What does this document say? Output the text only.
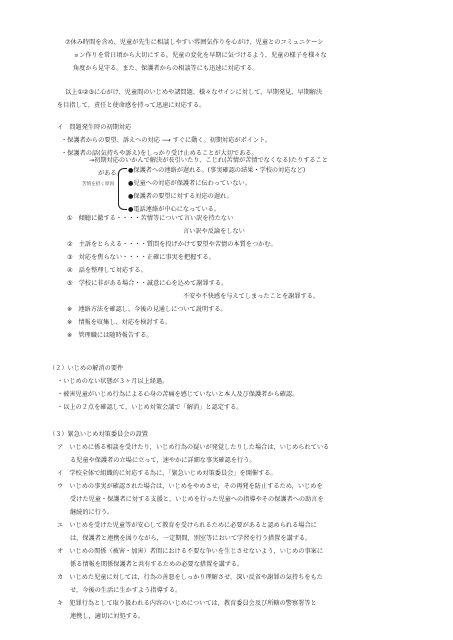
⑦休み時間を含め、児童が先生に相談しやすい雰囲気作りを心がけ、児童とのコミュニケーシ
ョン作りを常日頃から大切にする。児童の変化を早期に気づけるよう、児童の様子を様々な
角度から見守る。また、保護者からの相談等にも迅速に対応する。
以上①②③に心がけ、児童間のいじめや諸問題、様々なサインに対して、早期発見、早期解決
を目指して，責任と使命感を持って迅速に対応する。
イ　問題発生時の初期対応
・保護者からの要望、訴えへの対応 ⟶ すぐに動く。初期対応がポイント。
・保護者の話(気持ちや訴え)をしっかり受け止めることが大切である。
→初期対応のいかんで解決が長引いたり、こじれ(苦情が苦情でなくなる)たりすること
がある。
苦情を招く原因
●保護者への連絡が遅れる。(事実確認の結果・学校の対応など)
●児童への対応が保護者に伝わっていない。
●保護者の要望に対する対応の遅れ。
●電話連絡が中心になっている。
①　傾聴に徹する・・・・苦情等について言い訳を持たない
言い訳や反論をしない
②　主訴をとらえる・・・・質問を投げかけて要望や苦情の本質をつかむ。
③　対応を焦らない・・・・正確に事実を把握する。
④　話を整理して対応する。
⑤　学校に非がある場合・・誠意に心を込めて謝罪する。
不安や不快感を与えてしまったことを謝罪する。
※　連絡方法を確認し、今後の見通しについて説明する。
※　情報を収集し、対応を検討する。
※　管理職には随時報告する。
（２）いじめの解消の要件
・いじめのない状態が３ヶ月以上経過。
・被害児童がいじめ行為による心身の苦痛を感じていないと本人及び保護者から確認。
・以上の２点を確認して、いじめ対策会議で「解消」と認定する。
（３）緊急いじめ対策委員会の設置
ア　いじめに係る相談を受けたり，いじめ行為の疑いが発覚したりした場合は，いじめられている
る児童や保護者の立場に立って，速やかに詳細な事実確認を行う。
イ　学校全体で組織的に対応する為に，「緊急いじめ対策委員会」を開催する。
ウ　いじめの事実が確認された場合は，いじめをやめさせ，その再発を防止するため，いじめを
受けた児童・保護者に対する支援と，いじめを行った児童への指導やその保護者への助言を
継続的に行う。
エ　いじめを受けた児童等が安心して教育を受けられるために必要があると認められる場合に
は，保護者と連携を図りながら，一定期間，別室等において学習を行う措置を講ずる。
オ　いじめの関係（被害・加害）者間における不要な争いを生じさせないよう，いじめの事案に
係る情報を関係保護者と共有するための必要な措置を講ずる。
カ　いじめた児童に対しては，行為の善悪をしっかり理解させ，深い反省や謝罪の気持ちをもた
せ，今後の生活に生かすよう指導する。
キ　犯罪行為として取り扱われる内容のいじめについては，教育委員会及び所轄の警察署等と
連携し，適切に対処する。
